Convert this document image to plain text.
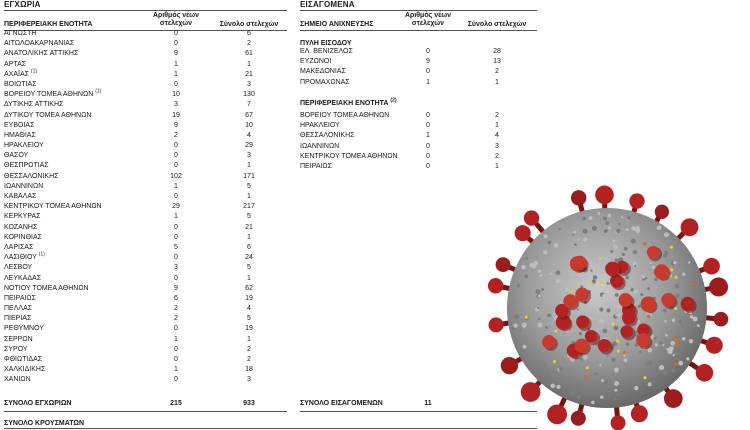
ΕΓΧΩΡΙΑ
ΠΕΡΙΦΕΡΕΙΑΚΗ ΕΝΟΤΗΤΑ
Αριθμός νέων στελεχών	Σύνολο στελεχών
ΑΓΝΩΣΤΗ	0	6
ΑΙΤΩΛΟΑΚΑΡΝΑΝΙΑΣ	0	2
ΑΝΑΤΟΛΙΚΗΣ ΑΤΤΙΚΗΣ	9	61
ΑΡΤΑΣ	1	1
ΑΧΑΪΑΣ $^{(1)}$	1	21
ΒΟΙΩΤΙΑΣ	0	3
ΒΟΡΕΙΟΥ ΤΟΜΕΑ ΑΘΗΝΩΝ $^{(1)}$	10	130
ΔΥΤΙΚΗΣ ΑΤΤΙΚΗΣ	3	7
ΔΥΤΙΚΟΥ ΤΟΜΕΑ ΑΘΗΝΩΝ	19	67
ΕΥΒΟΙΑΣ	9	10
ΗΜΑΘΙΑΣ	2	4
ΗΡΑΚΛΕΙΟΥ	0	29
ΘΑΣΟΥ	0	3
ΘΕΣΠΡΩΤΙΑΣ	0	1
ΘΕΣΣΑΛΟΝΙΚΗΣ	102	171
ΙΩΑΝΝΙΝΩΝ	1	5
ΚΑΒΑΛΑΣ	0	1
ΚΕΝΤΡΙΚΟΥ ΤΟΜΕΑ ΑΘΗΝΩΝ	29	217
ΚΕΡΚΥΡΑΣ	1	5
ΚΟΖΑΝΗΣ	0	21
ΚΟΡΙΝΘΙΑΣ	0	1
ΛΑΡΙΣΑΣ	5	6
ΛΑΣΙΘΙΟΥ $^{(1)}$	0	24
ΛΕΣΒΟΥ	3	5
ΛΕΥΚΑΔΑΣ	0	1
ΝΟΤΙΟΥ ΤΟΜΕΑ ΑΘΗΝΩΝ	9	62
ΠΕΙΡΑΙΩΣ	6	19
ΠΕΛΛΑΣ	2	4
ΠΙΕΡΙΑΣ	2	5
ΡΕΘΥΜΝΟΥ	0	19
ΣΕΡΡΩΝ	1	1
ΣΥΡΟΥ	0	2
ΦΘΙΩΤΙΔΑΣ	0	2
ΧΑΛΚΙΔΙΚΗΣ	1	18
ΧΑΝΙΩΝ	0	3
ΣΥΝΟΛΟ ΕΓΧΩΡΙΩΝ	215	933
ΣΥΝΟΛΟ ΚΡΟΥΣΜΑΤΩΝ
ΕΙΣΑΓΟΜΕΝΑ
ΣΗΜΕΙΟ ΑΝΙΧΝΕΥΣΗΣ
Αριθμός νέων στελεχών	Σύνολο στελεχών
ΠΥΛΗ ΕΙΣΟΔΟΥ
ΕΛ. ΒΕΝΙΖΕΛΟΣ	0	28
ΕΥΖΩΝΟΙ	9	13
ΜΑΚΕΔΟΝΙΑΣ	0	2
ΠΡΟΜΑΧΩΝΑΣ	1	1
ΠΕΡΙΦΕΡΕΙΑΚΗ ΕΝΟΤΗΤΑ $^{(2)}$
ΒΟΡΕΙΟΥ ΤΟΜΕΑ ΑΘΗΝΩΝ	0	2
ΗΡΑΚΛΕΙΟΥ	0	1
ΘΕΣΣΑΛΟΝΙΚΗΣ	1	4
ΙΩΑΝΝΙΝΩΝ	0	3
ΚΕΝΤΡΙΚΟΥ ΤΟΜΕΑ ΑΘΗΝΩΝ	0	2
ΠΕΙΡΑΙΩΣ	0	1
ΣΥΝΟΛΟ ΕΙΣΑΓΟΜΕΝΩΝ	11
